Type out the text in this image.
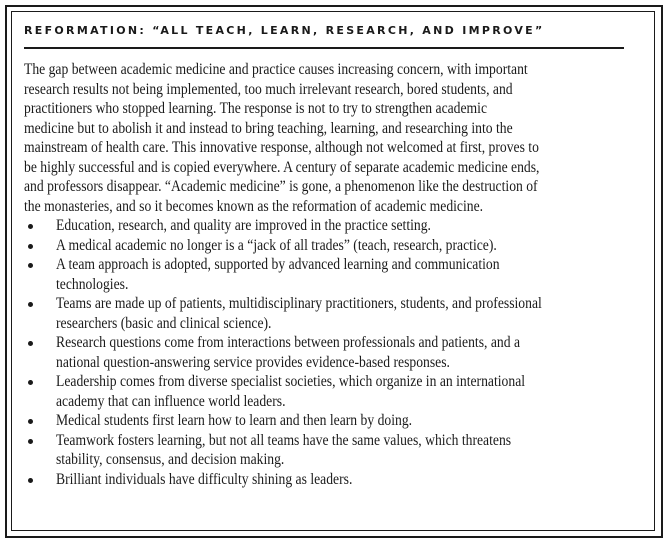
REFORMATION: “ALL TEACH, LEARN, RESEARCH, AND IMPROVE”
The gap between academic medicine and practice causes increasing concern, with important
research results not being implemented, too much irrelevant research, bored students, and
practitioners who stopped learning. The response is not to try to strengthen academic
medicine but to abolish it and instead to bring teaching, learning, and researching into the
mainstream of health care. This innovative response, although not welcomed at first, proves to
be highly successful and is copied everywhere. A century of separate academic medicine ends,
and professors disappear. “Academic medicine” is gone, a phenomenon like the destruction of
the monasteries, and so it becomes known as the reformation of academic medicine.
Education, research, and quality are improved in the practice setting.
A medical academic no longer is a “jack of all trades” (teach, research, practice).
A team approach is adopted, supported by advanced learning and communication
technologies.
Teams are made up of patients, multidisciplinary practitioners, students, and professional
researchers (basic and clinical science).
Research questions come from interactions between professionals and patients, and a
national question-answering service provides evidence-based responses.
Leadership comes from diverse specialist societies, which organize in an international
academy that can influence world leaders.
Medical students first learn how to learn and then learn by doing.
Teamwork fosters learning, but not all teams have the same values, which threatens
stability, consensus, and decision making.
Brilliant individuals have difficulty shining as leaders.
